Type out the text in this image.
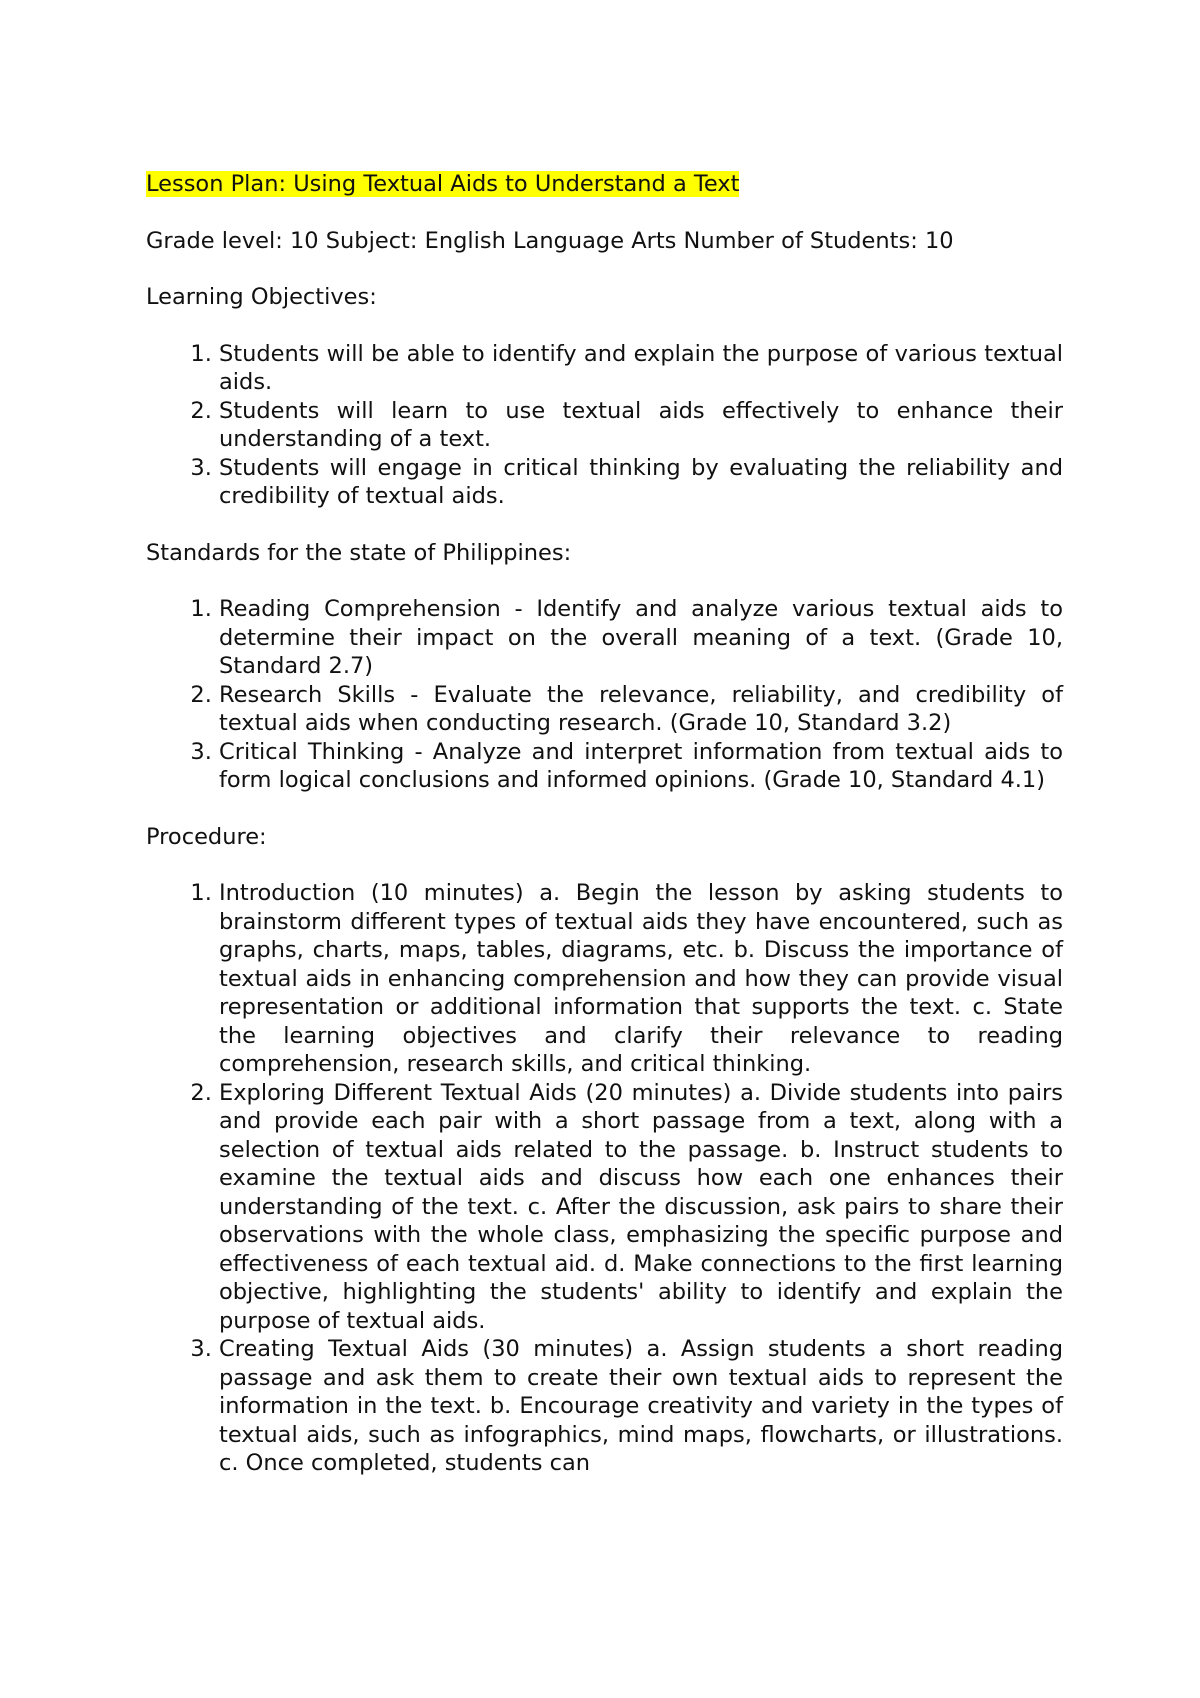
Lesson Plan: Using Textual Aids to Understand a Text

Grade level: 10 Subject: English Language Arts Number of Students: 10

Learning Objectives:

1. Students will be able to identify and explain the purpose of various textual aids.
2. Students will learn to use textual aids effectively to enhance their understanding of a text.
3. Students will engage in critical thinking by evaluating the reliability and credibility of textual aids.

Standards for the state of Philippines:

1. Reading Comprehension - Identify and analyze various textual aids to determine their impact on the overall meaning of a text. (Grade 10, Standard 2.7)
2. Research Skills - Evaluate the relevance, reliability, and credibility of textual aids when conducting research. (Grade 10, Standard 3.2)
3. Critical Thinking - Analyze and interpret information from textual aids to form logical conclusions and informed opinions. (Grade 10, Standard 4.1)

Procedure:

1. Introduction (10 minutes) a. Begin the lesson by asking students to brainstorm different types of textual aids they have encountered, such as graphs, charts, maps, tables, diagrams, etc. b. Discuss the importance of textual aids in enhancing comprehension and how they can provide visual representation or additional information that supports the text. c. State the learning objectives and clarify their relevance to reading comprehension, research skills, and critical thinking.
2. Exploring Different Textual Aids (20 minutes) a. Divide students into pairs and provide each pair with a short passage from a text, along with a selection of textual aids related to the passage. b. Instruct students to examine the textual aids and discuss how each one enhances their understanding of the text. c. After the discussion, ask pairs to share their observations with the whole class, emphasizing the specific purpose and effectiveness of each textual aid. d. Make connections to the first learning objective, highlighting the students' ability to identify and explain the purpose of textual aids.
3. Creating Textual Aids (30 minutes) a. Assign students a short reading passage and ask them to create their own textual aids to represent the information in the text. b. Encourage creativity and variety in the types of textual aids, such as infographics, mind maps, flowcharts, or illustrations. c. Once completed, students can
